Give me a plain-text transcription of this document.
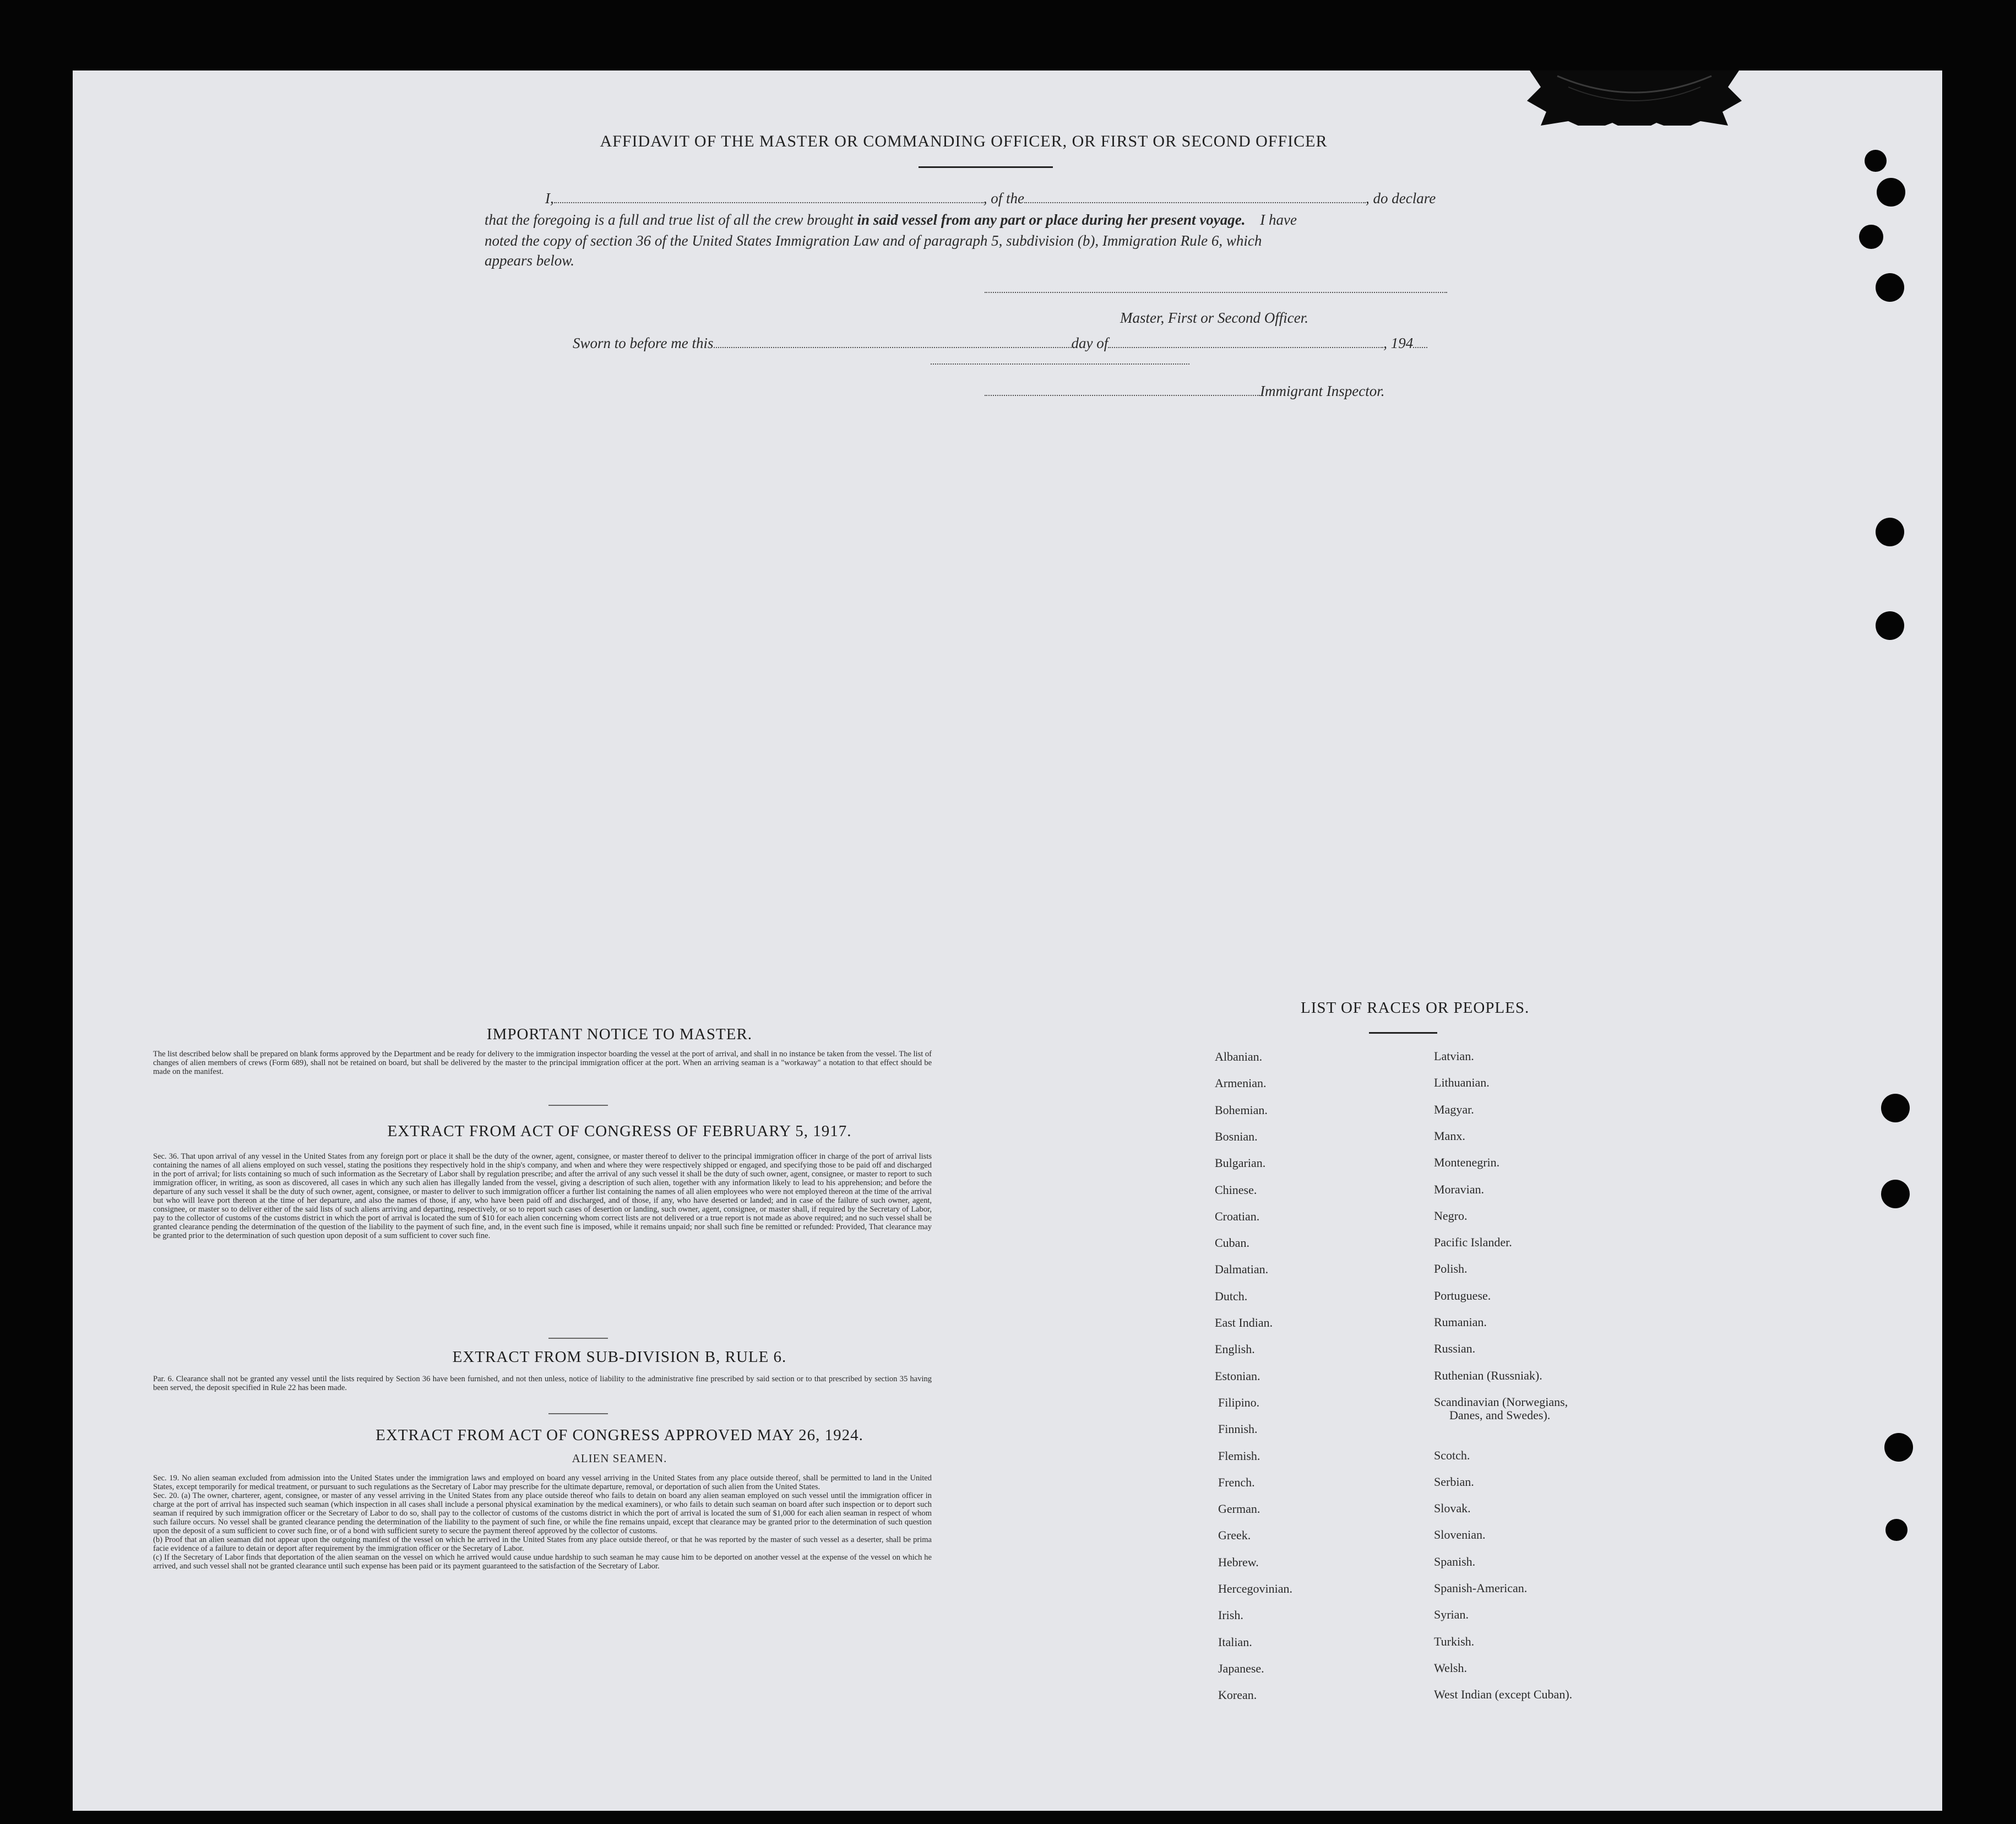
AFFIDAVIT OF THE MASTER OR COMMANDING OFFICER, OR FIRST OR SECOND OFFICER
I,	, of the	, do declare
that the foregoing is a full and true list of all the crew brought in said vessel from any part or place during her present voyage. I have
noted the copy of section 36 of the United States Immigration Law and of paragraph 5, subdivision (b), Immigration Rule 6, which
appears below.
Master, First or Second Officer.
Sworn to before me this	day of	, 194
Immigrant Inspector.
IMPORTANT NOTICE TO MASTER.
The list described below shall be prepared on blank forms approved by the Department and be ready for delivery to the immigration inspector boarding the vessel at the port of arrival, and shall in no instance be taken from the vessel. The list of changes of alien members of crews (Form 689), shall not be retained on board, but shall be delivered by the master to the principal immigration officer at the port. When an arriving seaman is a "workaway" a notation to that effect should be made on the manifest.
EXTRACT FROM ACT OF CONGRESS OF FEBRUARY 5, 1917.
Sec. 36. That upon arrival of any vessel in the United States from any foreign port or place it shall be the duty of the owner, agent, consignee, or master thereof to deliver to the principal immigration officer in charge of the port of arrival lists containing the names of all aliens employed on such vessel, stating the positions they respectively hold in the ship's company, and when and where they were respectively shipped or engaged, and specifying those to be paid off and discharged in the port of arrival; for lists containing so much of such information as the Secretary of Labor shall by regulation prescribe; and after the arrival of any such vessel it shall be the duty of such owner, agent, consignee, or master to report to such immigration officer, in writing, as soon as discovered, all cases in which any such alien has illegally landed from the vessel, giving a description of such alien, together with any information likely to lead to his apprehension; and before the departure of any such vessel it shall be the duty of such owner, agent, consignee, or master to deliver to such immigration officer a further list containing the names of all alien employees who were not employed thereon at the time of the arrival but who will leave port thereon at the time of her departure, and also the names of those, if any, who have been paid off and discharged, and of those, if any, who have deserted or landed; and in case of the failure of such owner, agent, consignee, or master so to deliver either of the said lists of such aliens arriving and departing, respectively, or so to report such cases of desertion or landing, such owner, agent, consignee, or master shall, if required by the Secretary of Labor, pay to the collector of customs of the customs district in which the port of arrival is located the sum of $10 for each alien concerning whom correct lists are not delivered or a true report is not made as above required; and no such vessel shall be granted clearance pending the determination of the question of the liability to the payment of such fine, and, in the event such fine is imposed, while it remains unpaid; nor shall such fine be remitted or refunded: Provided, That clearance may be granted prior to the determination of such question upon deposit of a sum sufficient to cover such fine.
EXTRACT FROM SUB-DIVISION B, RULE 6.
Par. 6. Clearance shall not be granted any vessel until the lists required by Section 36 have been furnished, and not then unless, notice of liability to the administrative fine prescribed by said section or to that prescribed by section 35 having been served, the deposit specified in Rule 22 has been made.
EXTRACT FROM ACT OF CONGRESS APPROVED MAY 26, 1924.
ALIEN SEAMEN.
Sec. 19. No alien seaman excluded from admission into the United States under the immigration laws and employed on board any vessel arriving in the United States from any place outside thereof, shall be permitted to land in the United States, except temporarily for medical treatment, or pursuant to such regulations as the Secretary of Labor may prescribe for the ultimate departure, removal, or deportation of such alien from the United States.
Sec. 20. (a) The owner, charterer, agent, consignee, or master of any vessel arriving in the United States from any place outside thereof who fails to detain on board any alien seaman employed on such vessel until the immigration officer in charge at the port of arrival has inspected such seaman (which inspection in all cases shall include a personal physical examination by the medical examiners), or who fails to detain such seaman on board after such inspection or to deport such seaman if required by such immigration officer or the Secretary of Labor to do so, shall pay to the collector of customs of the customs district in which the port of arrival is located the sum of $1,000 for each alien seaman in respect of whom such failure occurs. No vessel shall be granted clearance pending the determination of the liability to the payment of such fine, or while the fine remains unpaid, except that clearance may be granted prior to the determination of such question upon the deposit of a sum sufficient to cover such fine, or of a bond with sufficient surety to secure the payment thereof approved by the collector of customs.
(b) Proof that an alien seaman did not appear upon the outgoing manifest of the vessel on which he arrived in the United States from any place outside thereof, or that he was reported by the master of such vessel as a deserter, shall be prima facie evidence of a failure to detain or deport after requirement by the immigration officer or the Secretary of Labor.
(c) If the Secretary of Labor finds that deportation of the alien seaman on the vessel on which he arrived would cause undue hardship to such seaman he may cause him to be deported on another vessel at the expense of the vessel on which he arrived, and such vessel shall not be granted clearance until such expense has been paid or its payment guaranteed to the satisfaction of the Secretary of Labor.
LIST OF RACES OR PEOPLES.
Albanian.
Armenian.
Bohemian.
Bosnian.
Bulgarian.
Chinese.
Croatian.
Cuban.
Dalmatian.
Dutch.
East Indian.
English.
Estonian.
Filipino.
Finnish.
Flemish.
French.
German.
Greek.
Hebrew.
Hercegovinian.
Irish.
Italian.
Japanese.
Korean.
Latvian.
Lithuanian.
Magyar.
Manx.
Montenegrin.
Moravian.
Negro.
Pacific Islander.
Polish.
Portuguese.
Rumanian.
Russian.
Ruthenian (Russniak).
Scandinavian (Norwegians,
Danes, and Swedes).
Scotch.
Serbian.
Slovak.
Slovenian.
Spanish.
Spanish-American.
Syrian.
Turkish.
Welsh.
West Indian (except Cuban).
